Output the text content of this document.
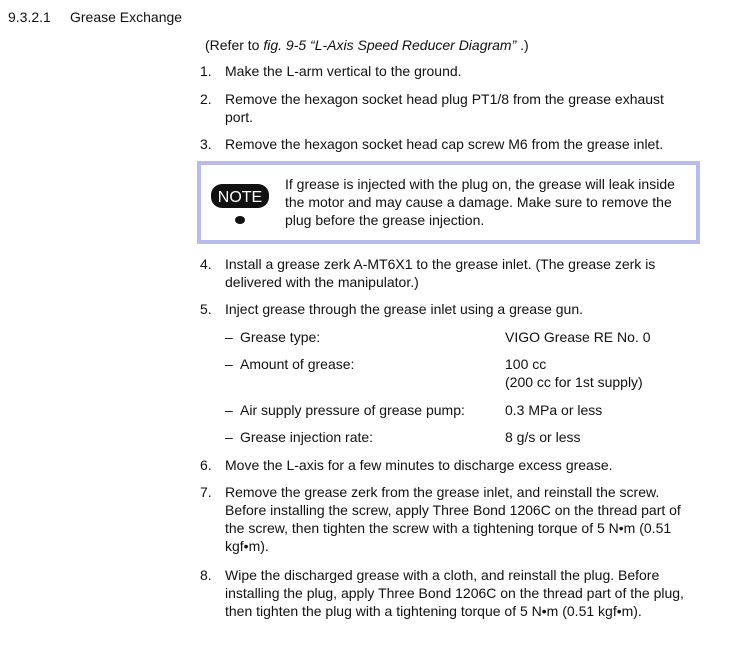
9.3.2.1	Grease Exchange
(Refer to fig. 9-5 “L-Axis Speed Reducer Diagram” .)
1. Make the L-arm vertical to the ground.
2. Remove the hexagon socket head plug PT1/8 from the grease exhaust port.
3. Remove the hexagon socket head cap screw M6 from the grease inlet.
NOTE
If grease is injected with the plug on, the grease will leak inside the motor and may cause a damage. Make sure to remove the plug before the grease injection.
4. Install a grease zerk A-MT6X1 to the grease inlet. (The grease zerk is delivered with the manipulator.)
5. Inject grease through the grease inlet using a grease gun.
– Grease type:	VIGO Grease RE No. 0
– Amount of grease:	100 cc
(200 cc for 1st supply)
– Air supply pressure of grease pump:	0.3 MPa or less
– Grease injection rate:	8 g/s or less
6. Move the L-axis for a few minutes to discharge excess grease.
7. Remove the grease zerk from the grease inlet, and reinstall the screw. Before installing the screw, apply Three Bond 1206C on the thread part of the screw, then tighten the screw with a tightening torque of 5 N•m (0.51 kgf•m).
8. Wipe the discharged grease with a cloth, and reinstall the plug. Before installing the plug, apply Three Bond 1206C on the thread part of the plug, then tighten the plug with a tightening torque of 5 N•m (0.51 kgf•m).
